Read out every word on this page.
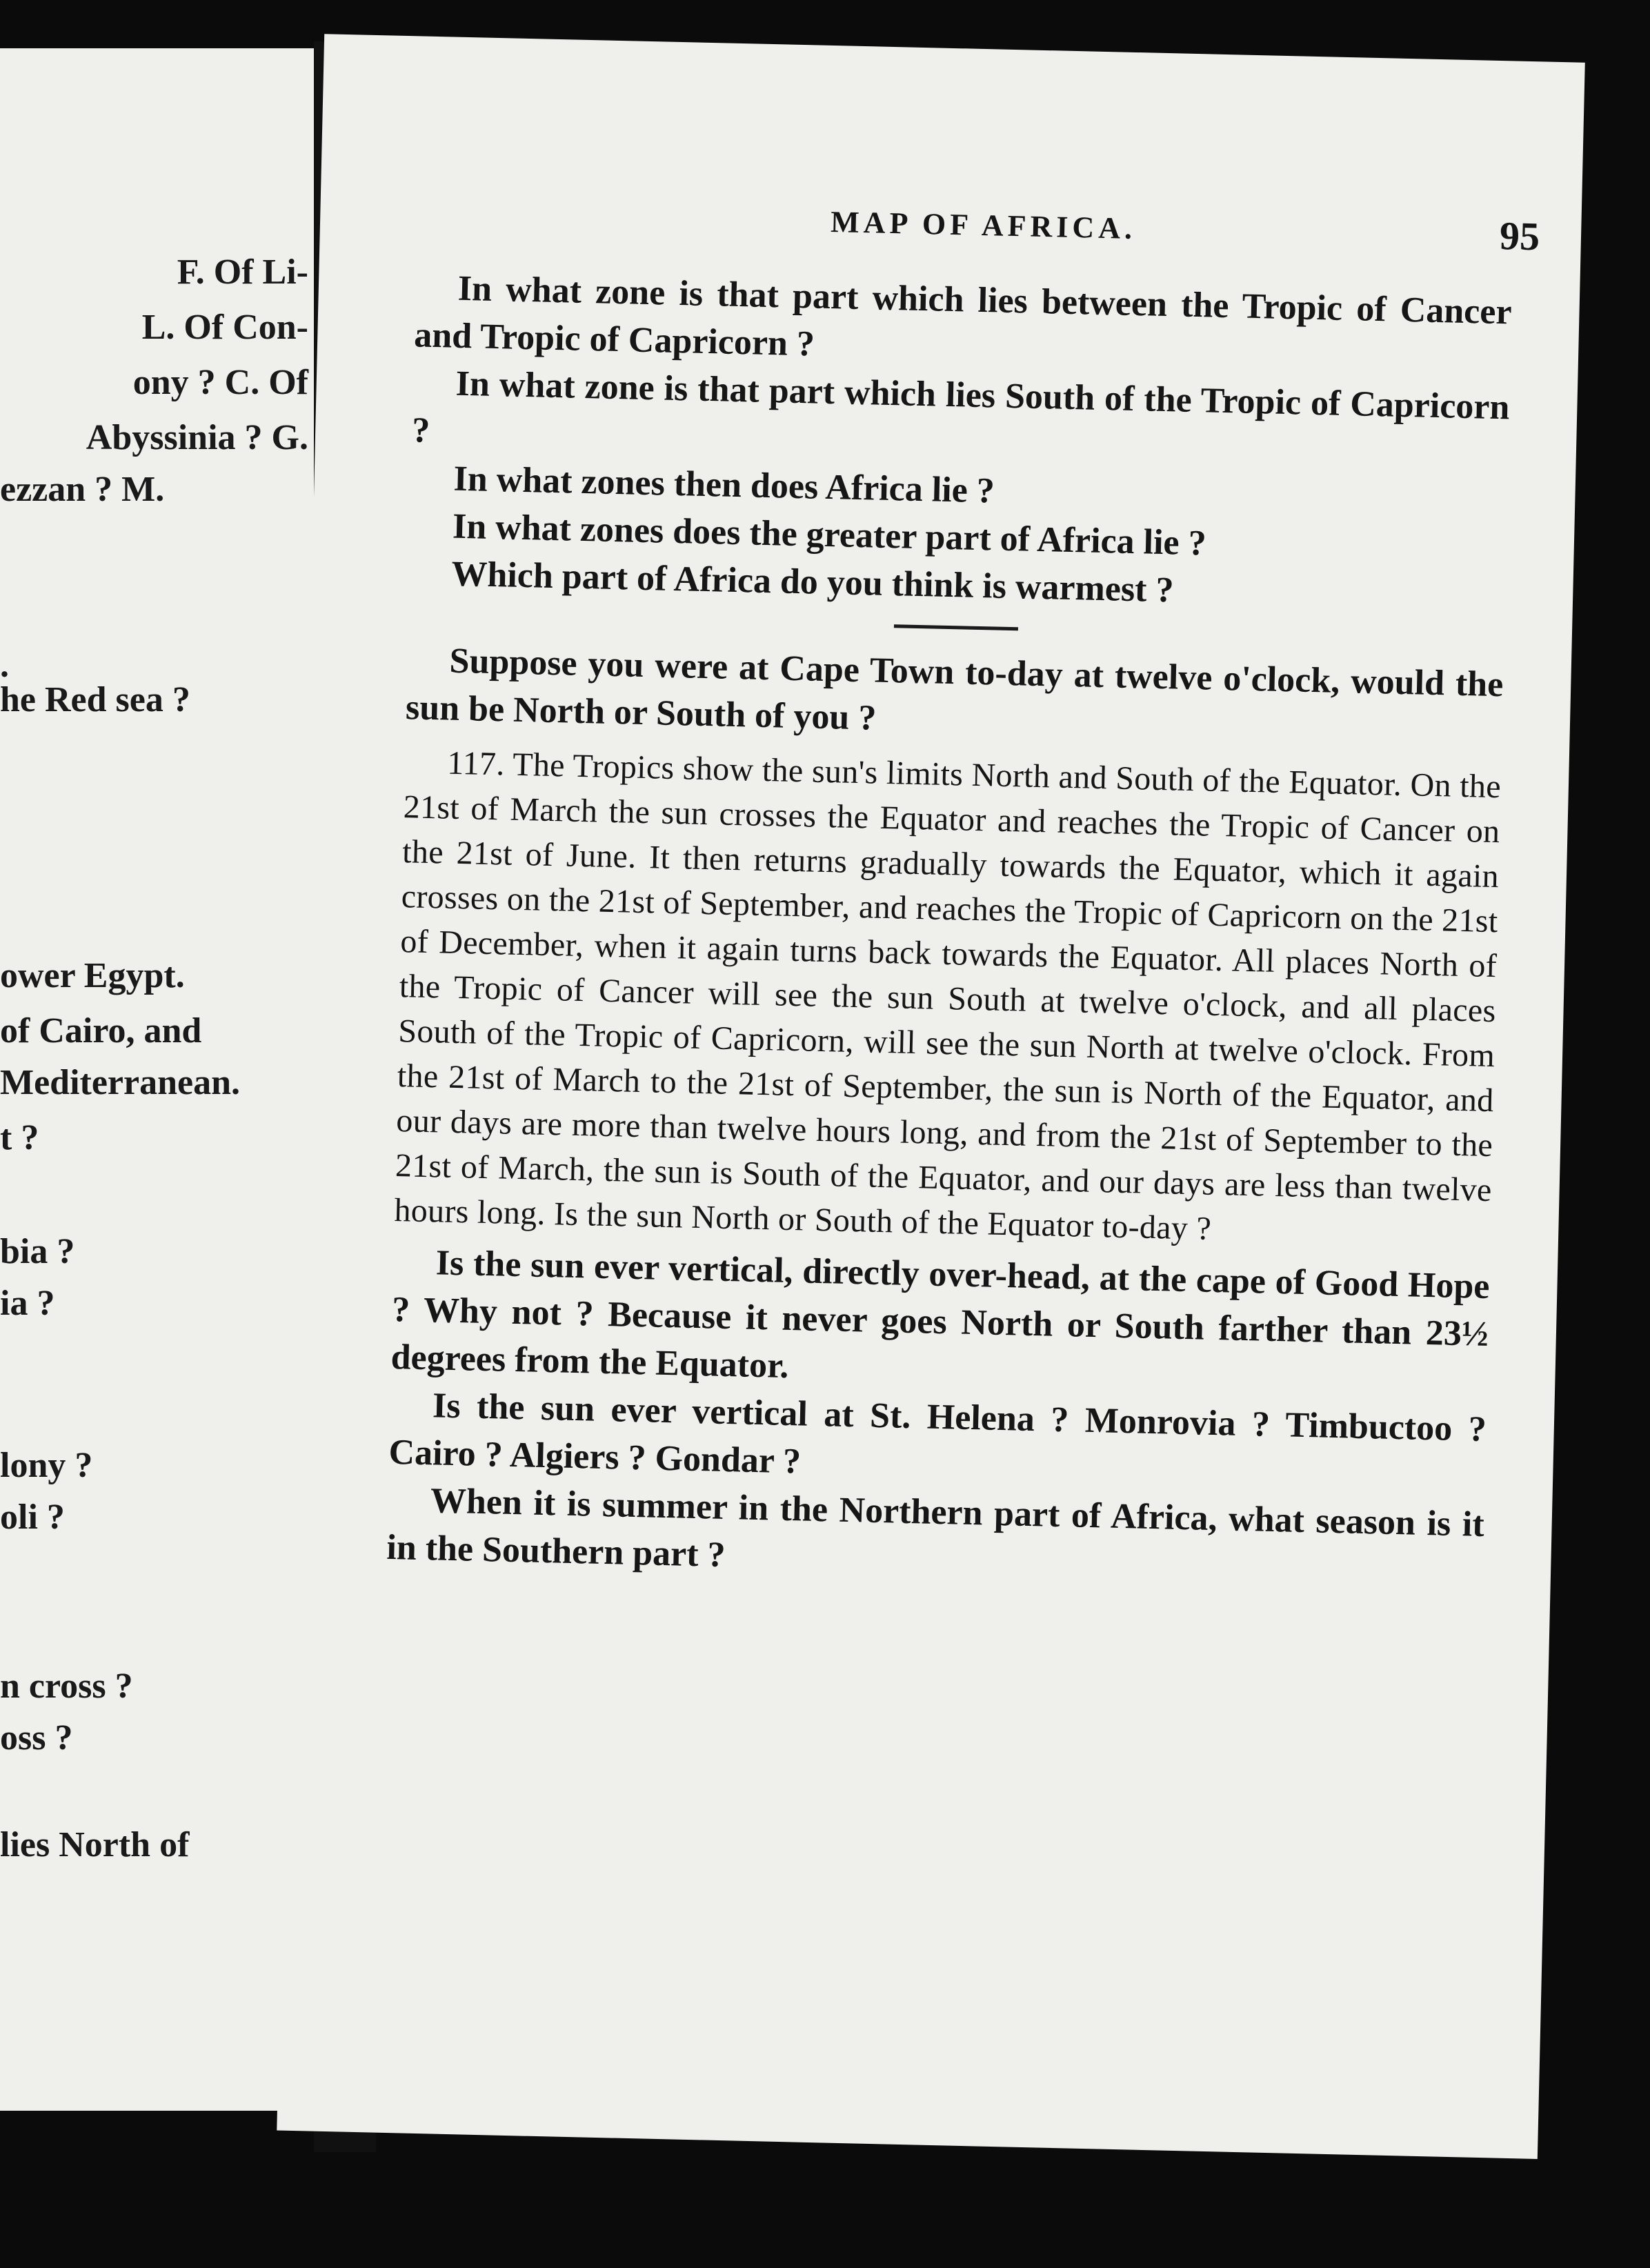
F. Of Li-

L. Of Con-

ony ? C. Of

Abyssinia ? G.

ezzan ? M.

.

he Red sea ?

ower Egypt.

of Cairo, and

Mediterranean.

t ?

bia ?

ia ?

lony ?

oli ?

n cross ?

oss ?

lies North of

MAP OF AFRICA.	95

In what zone is that part which lies between the Tropic of Cancer and Tropic of Capricorn ?

In what zone is that part which lies South of the Tropic of Capricorn ?

In what zones then does Africa lie ?

In what zones does the greater part of Africa lie ?

Which part of Africa do you think is warmest ?

Suppose you were at Cape Town to-day at twelve o'clock, would the sun be North or South of you ?

117. The Tropics show the sun's limits North and South of the Equator. On the 21st of March the sun crosses the Equator and reaches the Tropic of Cancer on the 21st of June. It then returns gradually towards the Equator, which it again crosses on the 21st of September, and reaches the Tropic of Capricorn on the 21st of December, when it again turns back towards the Equator. All places North of the Tropic of Cancer will see the sun South at twelve o'clock, and all places South of the Tropic of Capricorn, will see the sun North at twelve o'clock. From the 21st of March to the 21st of September, the sun is North of the Equator, and our days are more than twelve hours long, and from the 21st of September to the 21st of March, the sun is South of the Equator, and our days are less than twelve hours long. Is the sun North or South of the Equator to-day ?

Is the sun ever vertical, directly over-head, at the cape of Good Hope ? Why not ? Because it never goes North or South farther than 23½ degrees from the Equator.

Is the sun ever vertical at St. Helena ? Monrovia ? Timbuctoo ? Cairo ? Algiers ? Gondar ?

When it is summer in the Northern part of Africa, what season is it in the Southern part ?
